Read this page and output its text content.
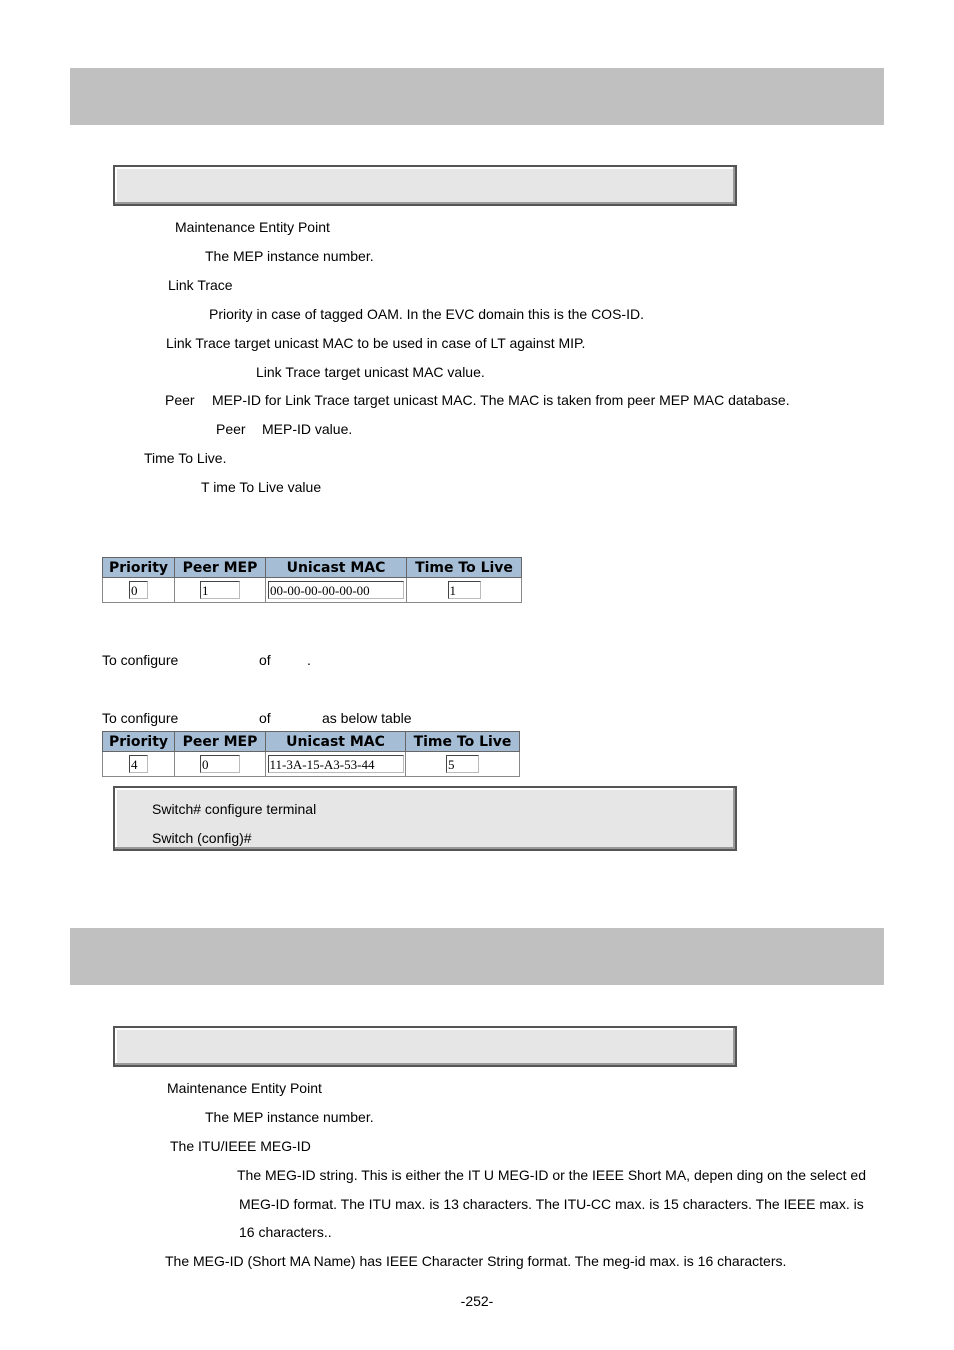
Maintenance Entity Point
The MEP instance number.
Link Trace
Priority in case of tagged OAM. In the EVC domain this is the COS-ID.
Link Trace target unicast MAC to be used in case of LT against MIP.
Link Trace target unicast MAC value.
Peer MEP-ID for Link Trace target unicast MAC. The MAC is taken from peer MEP MAC database.
Peer MEP-ID value.
Time To Live.
T ime To Live value
Priority	Peer MEP	Unicast MAC	Time To Live
0	1	00-00-00-00-00-00	1
To configure	of	.
To configure	of	as below table
Priority	Peer MEP	Unicast MAC	Time To Live
4	0	11-3A-15-A3-53-44	5
Switch# configure terminal
Switch (config)#
Maintenance Entity Point
The MEP instance number.
The ITU/IEEE MEG-ID
The MEG-ID string. This is either the IT U MEG-ID or the IEEE Short MA, depen ding on the select ed
MEG-ID format. The ITU max. is 13 characters. The ITU-CC max. is 15 characters. The IEEE max. is
16 characters..
The MEG-ID (Short MA Name) has IEEE Character String format. The meg-id max. is 16 characters.
-252-
